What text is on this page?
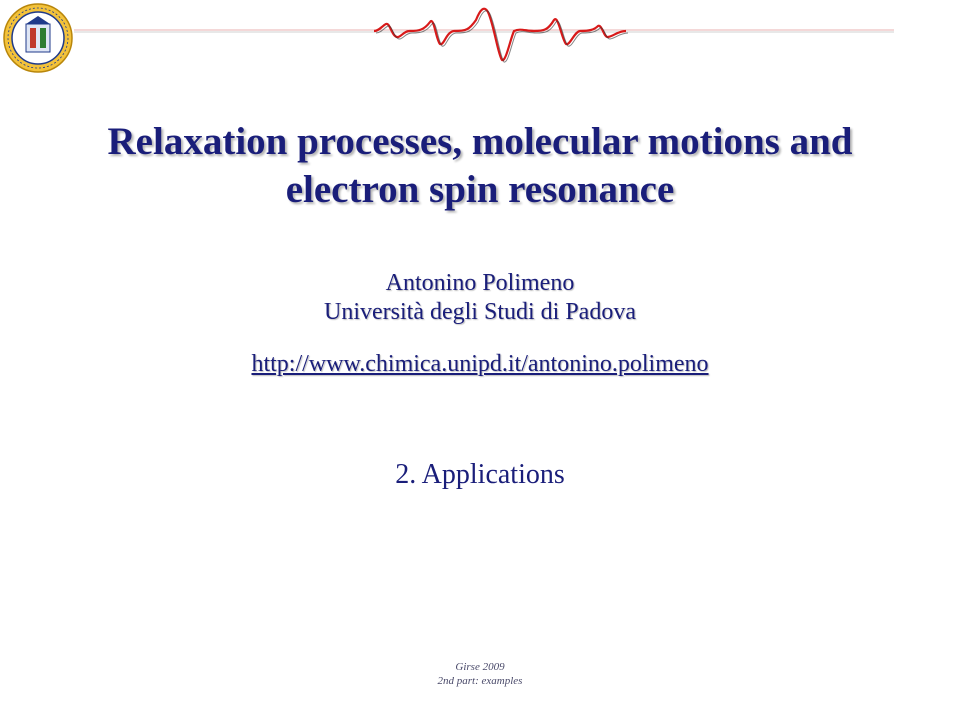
Relaxation processes, molecular motions and electron spin resonance
Antonino Polimeno
Università degli Studi di Padova
http://www.chimica.unipd.it/antonino.polimeno
2. Applications
Girse 2009
2nd part: examples
